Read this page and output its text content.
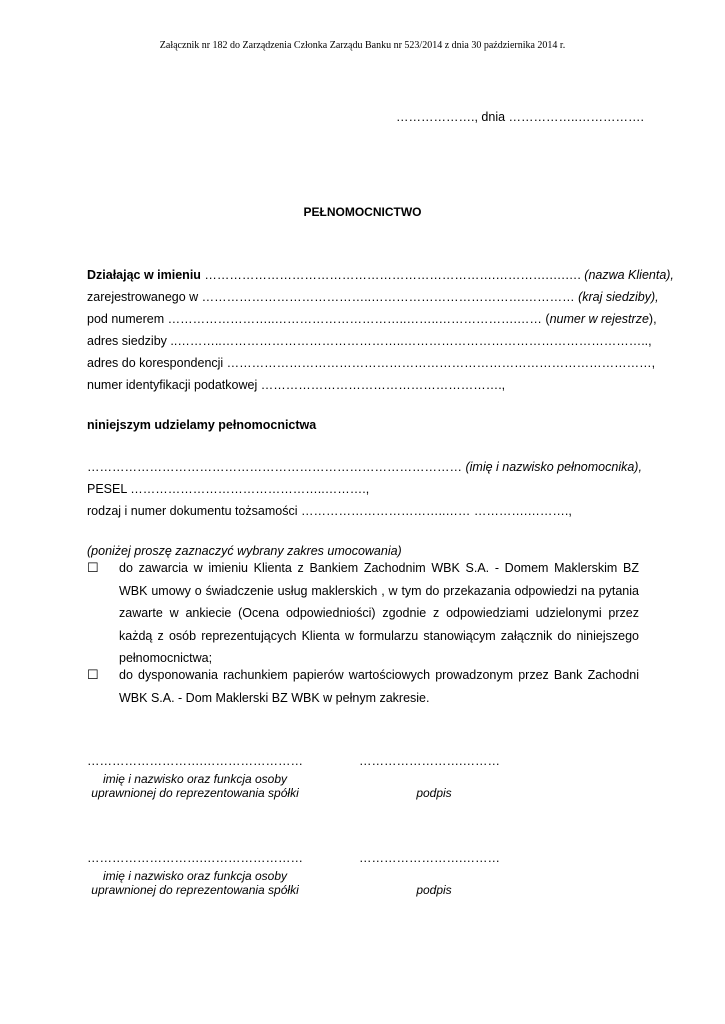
Załącznik nr 182 do Zarządzenia Członka Zarządu Banku nr 523/2014 z dnia 30 października 2014 r.
………………., dnia ……………..…………….
PEŁNOMOCNICTWO
Działając w imieniu …………………………………………………………….………….….…. (nazwa Klienta),
zarejestrowanego w …………………………………..……………………………….………… (kraj siedziby),
pod numerem ……………………..…………………………..……..……………….…… (numer w rejestrze),
adres siedziby ..………..……………………………………..…………………………………………………..,
adres do korespondencji …………………………………………………………………………………………,
numer identyfikacji podatkowej ………………………………………………….,
niniejszym udzielamy pełnomocnictwa
……………………………………………………………………………… (imię i nazwisko pełnomocnika),
PESEL ………………………………………..……….,
rodzaj i numer dokumentu tożsamości ……………………………..…… ………….……….,
(poniżej proszę zaznaczyć wybrany zakres umocowania)
☐ do zawarcia w imieniu Klienta z Bankiem Zachodnim WBK S.A. - Domem Maklerskim BZ WBK umowy o świadczenie usług maklerskich , w tym do przekazania odpowiedzi na pytania zawarte w ankiecie (Ocena odpowiedniości) zgodnie z odpowiedziami udzielonymi przez każdą z osób reprezentujących Klienta w formularzu stanowiącym załącznik do niniejszego pełnomocnictwa;
☐ do dysponowania rachunkiem papierów wartościowych prowadzonym przez Bank Zachodni WBK S.A. - Dom Maklerski BZ WBK w pełnym zakresie.
……………………….……………………	…………………….………
imię i nazwisko oraz funkcja osoby
uprawnionej do reprezentowania spółki	podpis
……………………….……………………	…………………….………
imię i nazwisko oraz funkcja osoby
uprawnionej do reprezentowania spółki	podpis
